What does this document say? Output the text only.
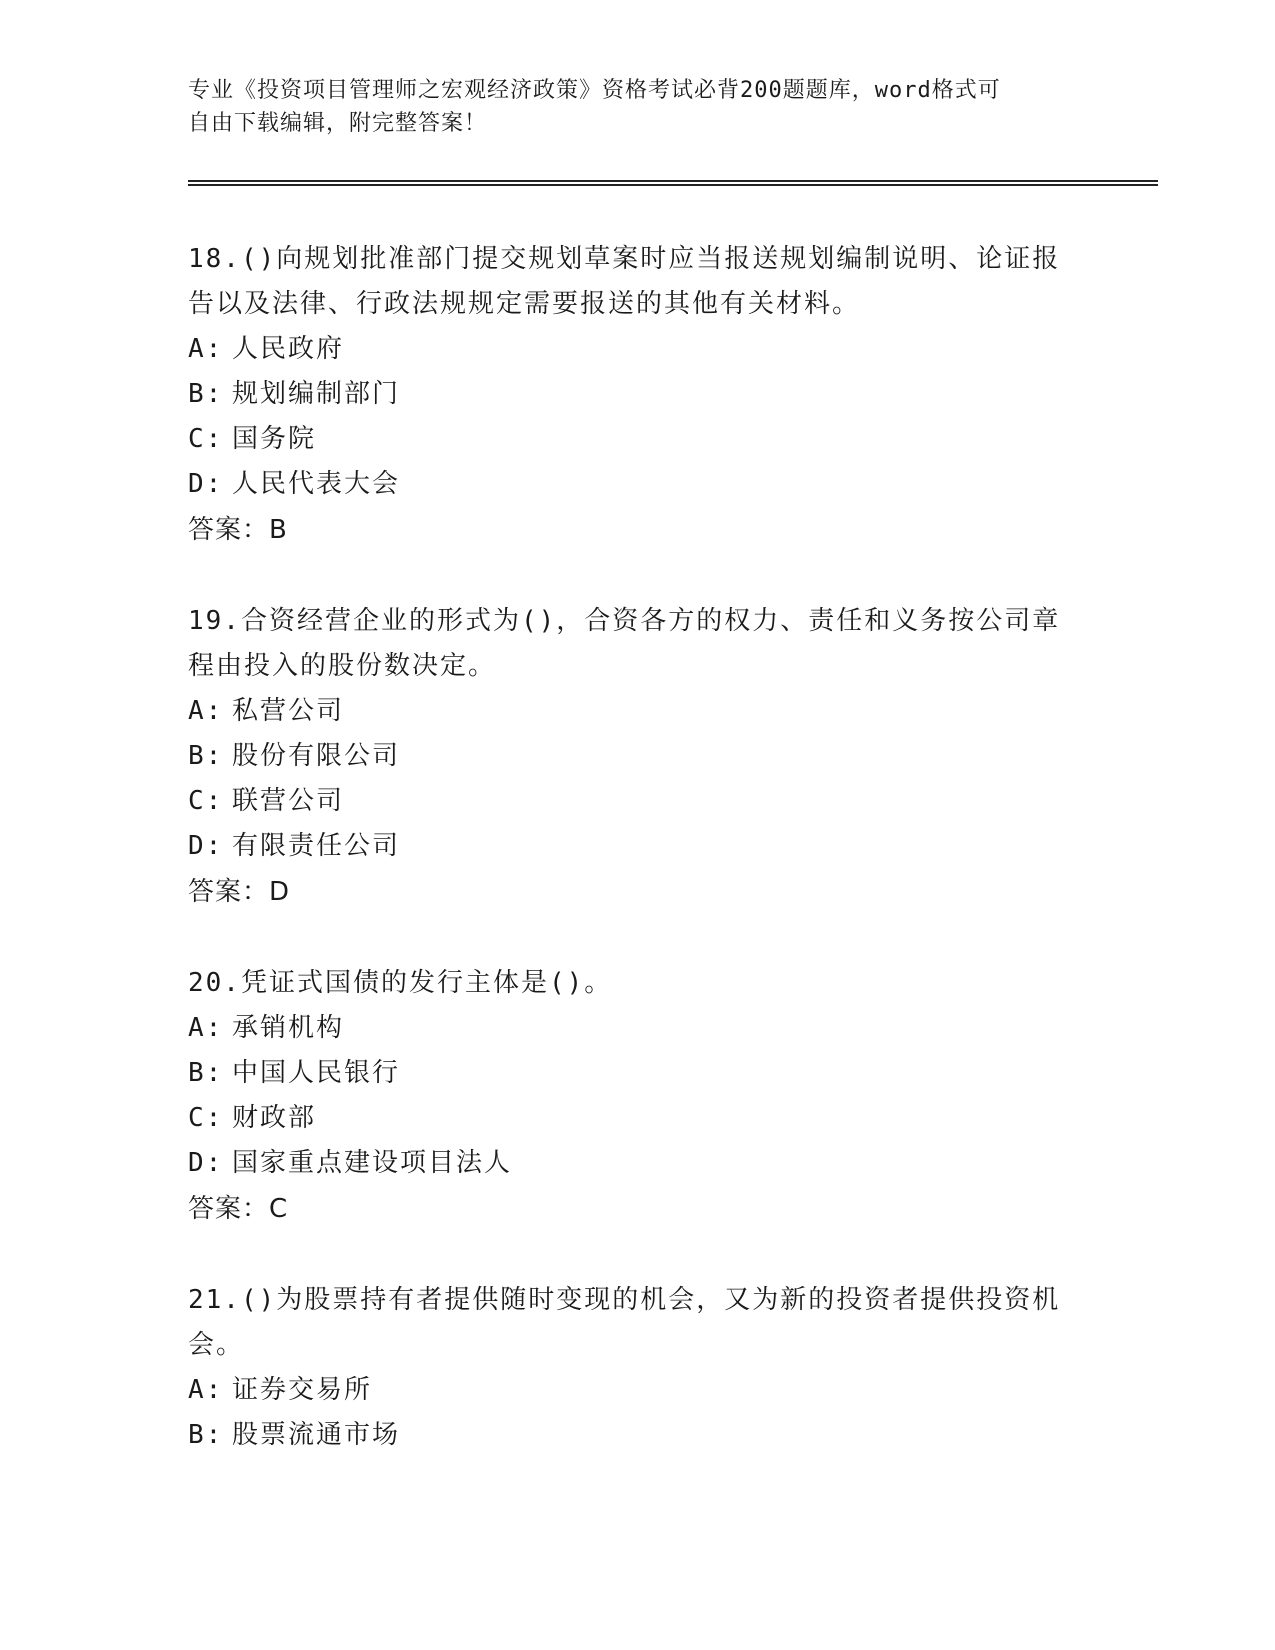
专业《投资项目管理师之宏观经济政策》资格考试必背200题题库，word格式可
自由下载编辑，附完整答案！
18.()向规划批准部门提交规划草案时应当报送规划编制说明、论证报
告以及法律、行政法规规定需要报送的其他有关材料。
A: 人民政府
B: 规划编制部门
C: 国务院
D: 人民代表大会
答案：B
19.合资经营企业的形式为()，合资各方的权力、责任和义务按公司章
程由投入的股份数决定。
A: 私营公司
B: 股份有限公司
C: 联营公司
D: 有限责任公司
答案：D
20.凭证式国债的发行主体是()。
A: 承销机构
B: 中国人民银行
C: 财政部
D: 国家重点建设项目法人
答案：C
21.()为股票持有者提供随时变现的机会，又为新的投资者提供投资机
会。
A: 证券交易所
B: 股票流通市场
